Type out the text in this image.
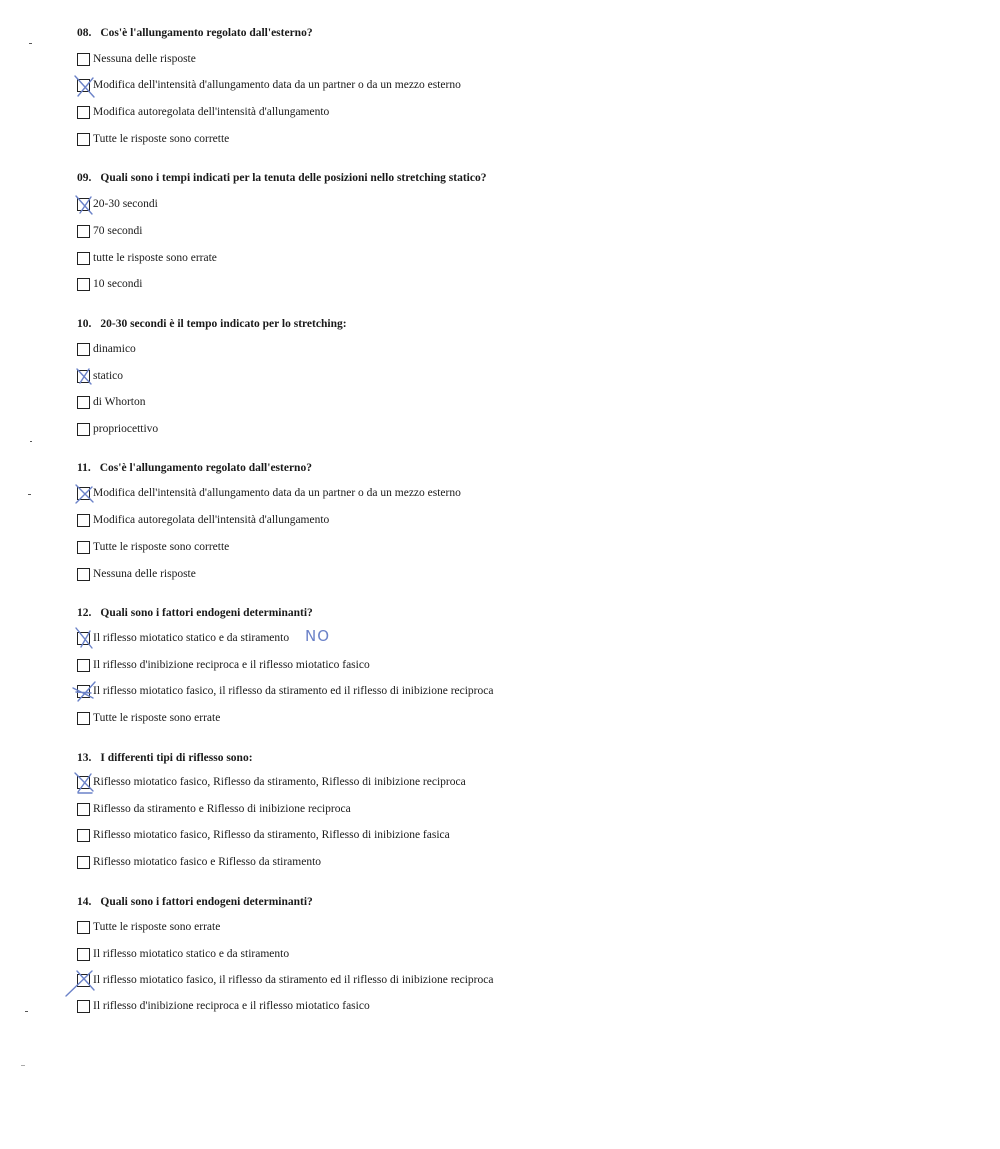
08. Cos'è l'allungamento regolato dall'esterno?
Nessuna delle risposte
Modifica dell'intensità d'allungamento data da un partner o da un mezzo esterno
Modifica autoregolata dell'intensità d'allungamento
Tutte le risposte sono corrette
09. Quali sono i tempi indicati per la tenuta delle posizioni nello stretching statico?
20-30 secondi
70 secondi
tutte le risposte sono errate
10 secondi
10. 20-30 secondi è il tempo indicato per lo stretching:
dinamico
statico
di Whorton
propriocettivo
11. Cos'è l'allungamento regolato dall'esterno?
Modifica dell'intensità d'allungamento data da un partner o da un mezzo esterno
Modifica autoregolata dell'intensità d'allungamento
Tutte le risposte sono corrette
Nessuna delle risposte
12. Quali sono i fattori endogeni determinanti?
Il riflesso miotatico statico e da stiramento NO
Il riflesso d'inibizione reciproca e il riflesso miotatico fasico
Il riflesso miotatico fasico, il riflesso da stiramento ed il riflesso di inibizione reciproca
Tutte le risposte sono errate
13. I differenti tipi di riflesso sono:
Riflesso miotatico fasico, Riflesso da stiramento, Riflesso di inibizione reciproca
Riflesso da stiramento e Riflesso di inibizione reciproca
Riflesso miotatico fasico, Riflesso da stiramento, Riflesso di inibizione fasica
Riflesso miotatico fasico e Riflesso da stiramento
14. Quali sono i fattori endogeni determinanti?
Tutte le risposte sono errate
Il riflesso miotatico statico e da stiramento
Il riflesso miotatico fasico, il riflesso da stiramento ed il riflesso di inibizione reciproca
Il riflesso d'inibizione reciproca e il riflesso miotatico fasico
